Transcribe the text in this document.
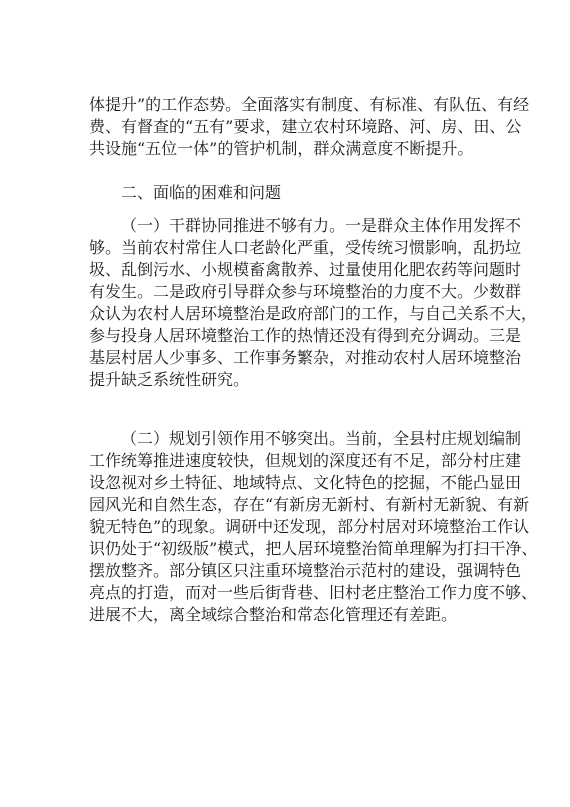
体提升”的工作态势。全面落实有制度、有标准、有队伍、有经
费、有督查的“五有”要求，建立农村环境路、河、房、田、公
共设施“五位一体”的管护机制，群众满意度不断提升。
二、面临的困难和问题
（一）干群协同推进不够有力。一是群众主体作用发挥不
够。当前农村常住人口老龄化严重，受传统习惯影响，乱扔垃
圾、乱倒污水、小规模畜禽散养、过量使用化肥农药等问题时
有发生。二是政府引导群众参与环境整治的力度不大。少数群
众认为农村人居环境整治是政府部门的工作，与自己关系不大，
参与投身人居环境整治工作的热情还没有得到充分调动。三是
基层村居人少事多、工作事务繁杂，对推动农村人居环境整治
提升缺乏系统性研究。
（二）规划引领作用不够突出。当前，全县村庄规划编制
工作统筹推进速度较快，但规划的深度还有不足，部分村庄建
设忽视对乡土特征、地域特点、文化特色的挖掘，不能凸显田
园风光和自然生态，存在“有新房无新村、有新村无新貌、有新
貌无特色”的现象。调研中还发现，部分村居对环境整治工作认
识仍处于“初级版”模式，把人居环境整治简单理解为打扫干净、
摆放整齐。部分镇区只注重环境整治示范村的建设，强调特色
亮点的打造，而对一些后街背巷、旧村老庄整治工作力度不够、
进展不大，离全域综合整治和常态化管理还有差距。
